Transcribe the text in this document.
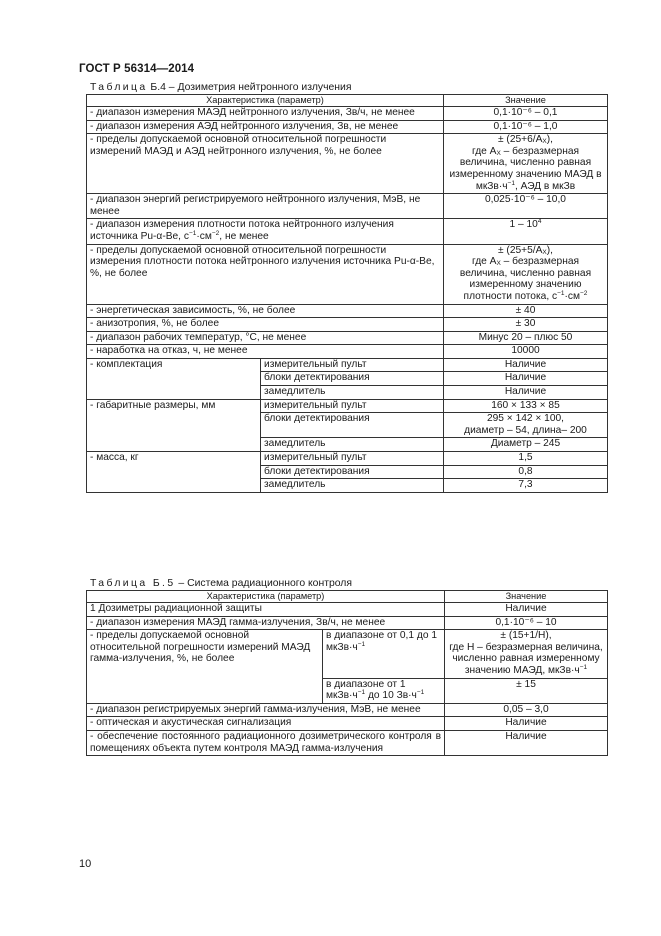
ГОСТ Р 56314—2014
Таблица Б.4 – Дозиметрия нейтронного излучения
Характеристика (параметр)		Значение
- диапазон измерения МАЭД нейтронного излучения, Зв/ч, не менее		0,1·10⁻⁶ – 0,1
- диапазон измерения АЭД нейтронного излучения, Зв, не менее		0,1·10⁻⁶ – 1,0
- пределы допускаемой основной относительной погрешности измерений МАЭД и АЭД нейтронного излучения, %, не более		± $(25+6/A_X)$,
где $A_X$ – безразмерная величина, численно равная измеренному значению МАЭД в $мкЗв\cdot ч^{-1}$, АЭД в мкЗв
- диапазон энергий регистрируемого нейтронного излучения, МэВ, не менее		0,025·10⁻⁶ – 10,0
- диапазон измерения плотности потока нейтронного излучения источника Pu-α-Be, $с^{-1}\cdot см^{-2}$, не менее		$1 - 10^4$
- пределы допускаемой основной относительной погрешности измерения плотности потока нейтронного излучения источника Pu-α-Be, %, не более		± $(25+5/A_X)$,
где $A_X$ – безразмерная величина, численно равная измеренному значению плотности потока, $с^{-1}\cdot см^{-2}$
- энергетическая зависимость, %, не более		± 40
- анизотропия, %, не более		± 30
- диапазон рабочих температур, °С, не менее		Минус 20 – плюс 50
- наработка на отказ, ч, не менее		10000
- комплектация	измерительный пульт	Наличие
	блоки детектирования	Наличие
	замедлитель	Наличие
- габаритные размеры, мм	измерительный пульт	160 × 133 × 85
	блоки детектирования	295 × 142 × 100,
диаметр – 54, длина– 200

	замедлитель	Диаметр – 245
- масса, кг	измерительный пульт	1,5
	блоки детектирования	0,8
	замедлитель	7,3
Таблица Б.5 – Система радиационного контроля
Характеристика (параметр)		Значение
1 Дозиметры радиационной защиты		Наличие
- диапазон измерения МАЭД гамма-излучения, Зв/ч, не менее		0,1·10⁻⁶ – 10
- пределы допускаемой основной относительной погрешности измерений МАЭД гамма-излучения, %, не более	в диапазоне от 0,1 до 1 $мкЗв\cdot ч^{-1}$	± (15+1/H),
где H – безразмерная величина, численно равная измеренному значению МАЭД, $мкЗв\cdot ч^{-1}$
	в диапазоне от 1 $мкЗв\cdot ч^{-1}$ до 10 $Зв\cdot ч^{-1}$	± 15
- диапазон регистрируемых энергий гамма-излучения, МэВ, не менее		0,05 – 3,0
- оптическая и акустическая сигнализация		Наличие
- обеспечение постоянного радиационного дозиметрического контроля в помещениях объекта путем контроля МАЭД гамма-излучения		Наличие
10
